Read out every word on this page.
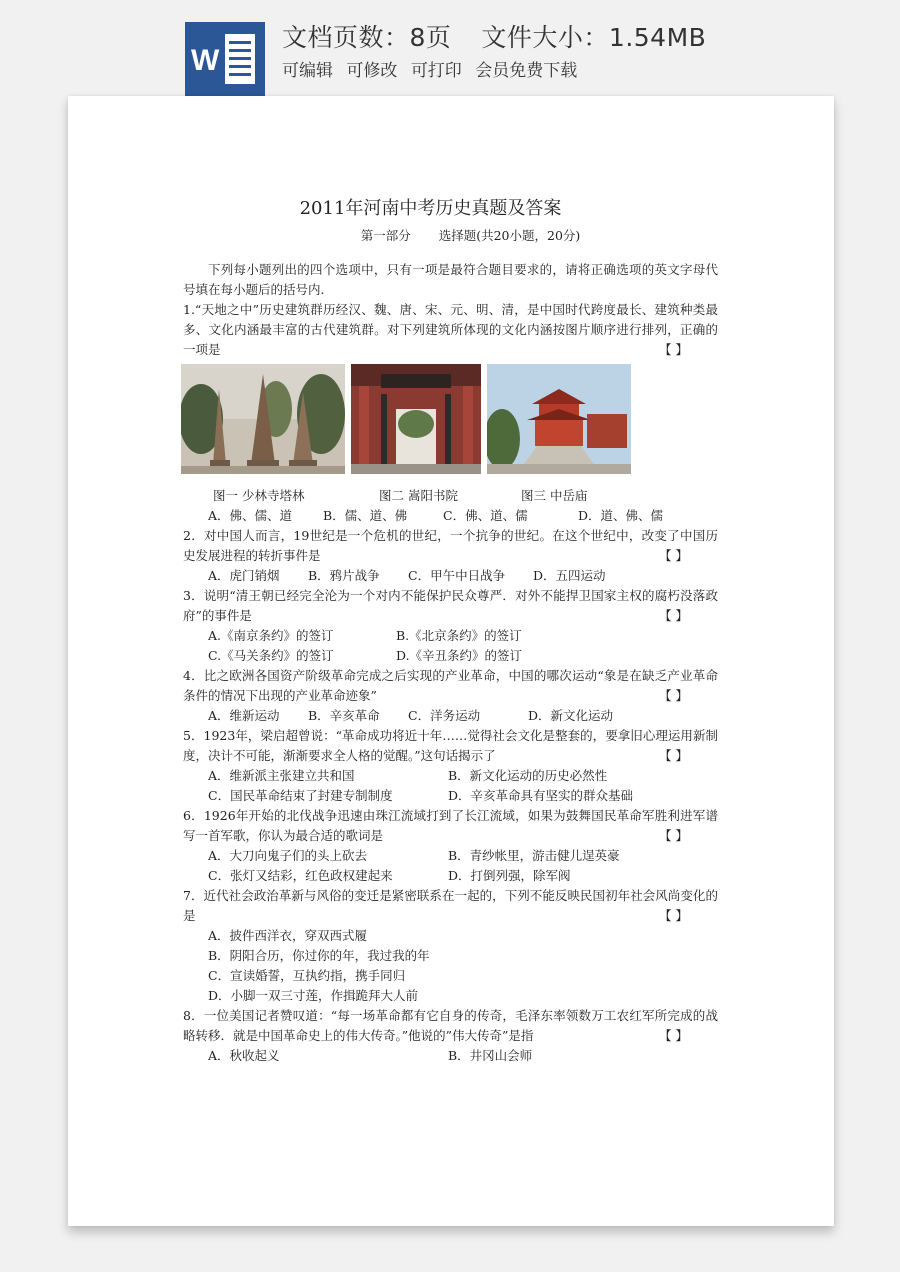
W
文档页数：8页 文件大小：1.54MB
可编辑 可修改 可打印 会员免费下载
2011年河南中考历史真题及答案
第一部分 选择题(共20小题，20分)

下列每小题列出的四个选项中，只有一项是最符合题目要求的，请将正确选项的英文字母代号填在每小题后的括号内.

1.“天地之中”历史建筑群历经汉、魏、唐、宋、元、明、清，是中国时代跨度最长、建筑种类最多、文化内涵最丰富的古代建筑群。对下列建筑所体现的文化内涵按图片顺序进行排列，正确的一项是	【 】

图一 少林寺塔林	图二 嵩阳书院	图三 中岳庙
A．佛、儒、道	B．儒、道、佛	C．佛、道、儒	D．道、佛、儒

2．对中国人而言，19世纪是一个危机的世纪，一个抗争的世纪。在这个世纪中，改变了中国历史发展进程的转折事件是	【 】

A．虎门销烟	B．鸦片战争	C．甲午中日战争	D．五四运动

3．说明“清王朝已经完全沦为一个对内不能保护民众尊严．对外不能捍卫国家主权的腐朽没落政府”的事件是	【 】

A.《南京条约》的签订	B.《北京条约》的签订
C.《马关条约》的签订	D.《辛丑条约》的签订

4．比之欧洲各国资产阶级革命完成之后实现的产业革命，中国的哪次运动“象是在缺乏产业革命条件的情况下出现的产业革命迹象”	【 】

A．维新运动	B．辛亥革命	C．洋务运动	D．新文化运动

5．1923年，梁启超曾说：“革命成功将近十年……觉得社会文化是整套的，要拿旧心理运用新制度，决计不可能，渐渐要求全人格的觉醒。”这句话揭示了	【 】

A．维新派主张建立共和国	B．新文化运动的历史必然性
C．国民革命结束了封建专制制度	D．辛亥革命具有坚实的群众基础

6．1926年开始的北伐战争迅速由珠江流域打到了长江流域，如果为鼓舞国民革命军胜利进军谱写一首军歌，你认为最合适的歌词是	【 】

A．大刀向鬼子们的头上砍去	B．青纱帐里，游击健儿逞英豪
C．张灯又结彩，红色政权建起来	D．打倒列强，除军阀

7．近代社会政治革新与风俗的变迁是紧密联系在一起的，下列不能反映民国初年社会风尚变化的是	【 】

A．披件西洋衣，穿双西式履
B．阴阳合历，你过你的年，我过我的年
C．宣读婚誓，互执约指，携手同归
D．小脚一双三寸莲，作揖跪拜大人前

8．一位美国记者赞叹道：“每一场革命都有它自身的传奇，毛泽东率领数万工农红军所完成的战略转移．就是中国革命史上的伟大传奇。”他说的”伟大传奇”是指	【 】

A．秋收起义	B．井冈山会师
